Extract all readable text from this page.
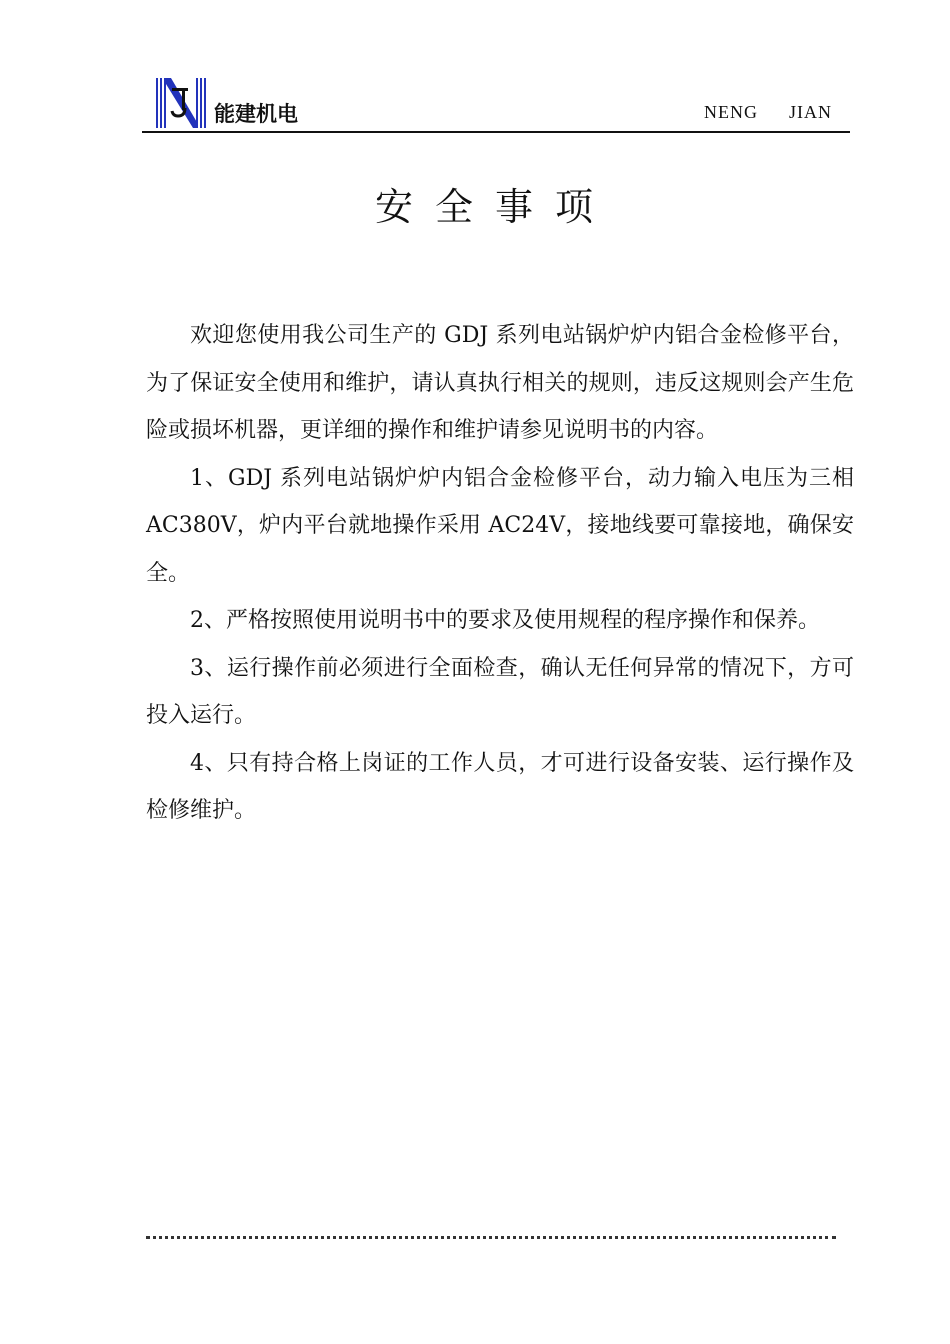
能建机电	NENG  JIAN
安全事项

欢迎您使用我公司生产的 GDJ 系列电站锅炉炉内铝合金检修平台，为了保证安全使用和维护，请认真执行相关的规则，违反这规则会产生危险或损坏机器，更详细的操作和维护请参见说明书的内容。

1、GDJ 系列电站锅炉炉内铝合金检修平台，动力输入电压为三相 AC380V，炉内平台就地操作采用 AC24V，接地线要可靠接地，确保安全。

2、严格按照使用说明书中的要求及使用规程的程序操作和保养。

3、运行操作前必须进行全面检查，确认无任何异常的情况下，方可投入运行。

4、只有持合格上岗证的工作人员，才可进行设备安装、运行操作及检修维护。
